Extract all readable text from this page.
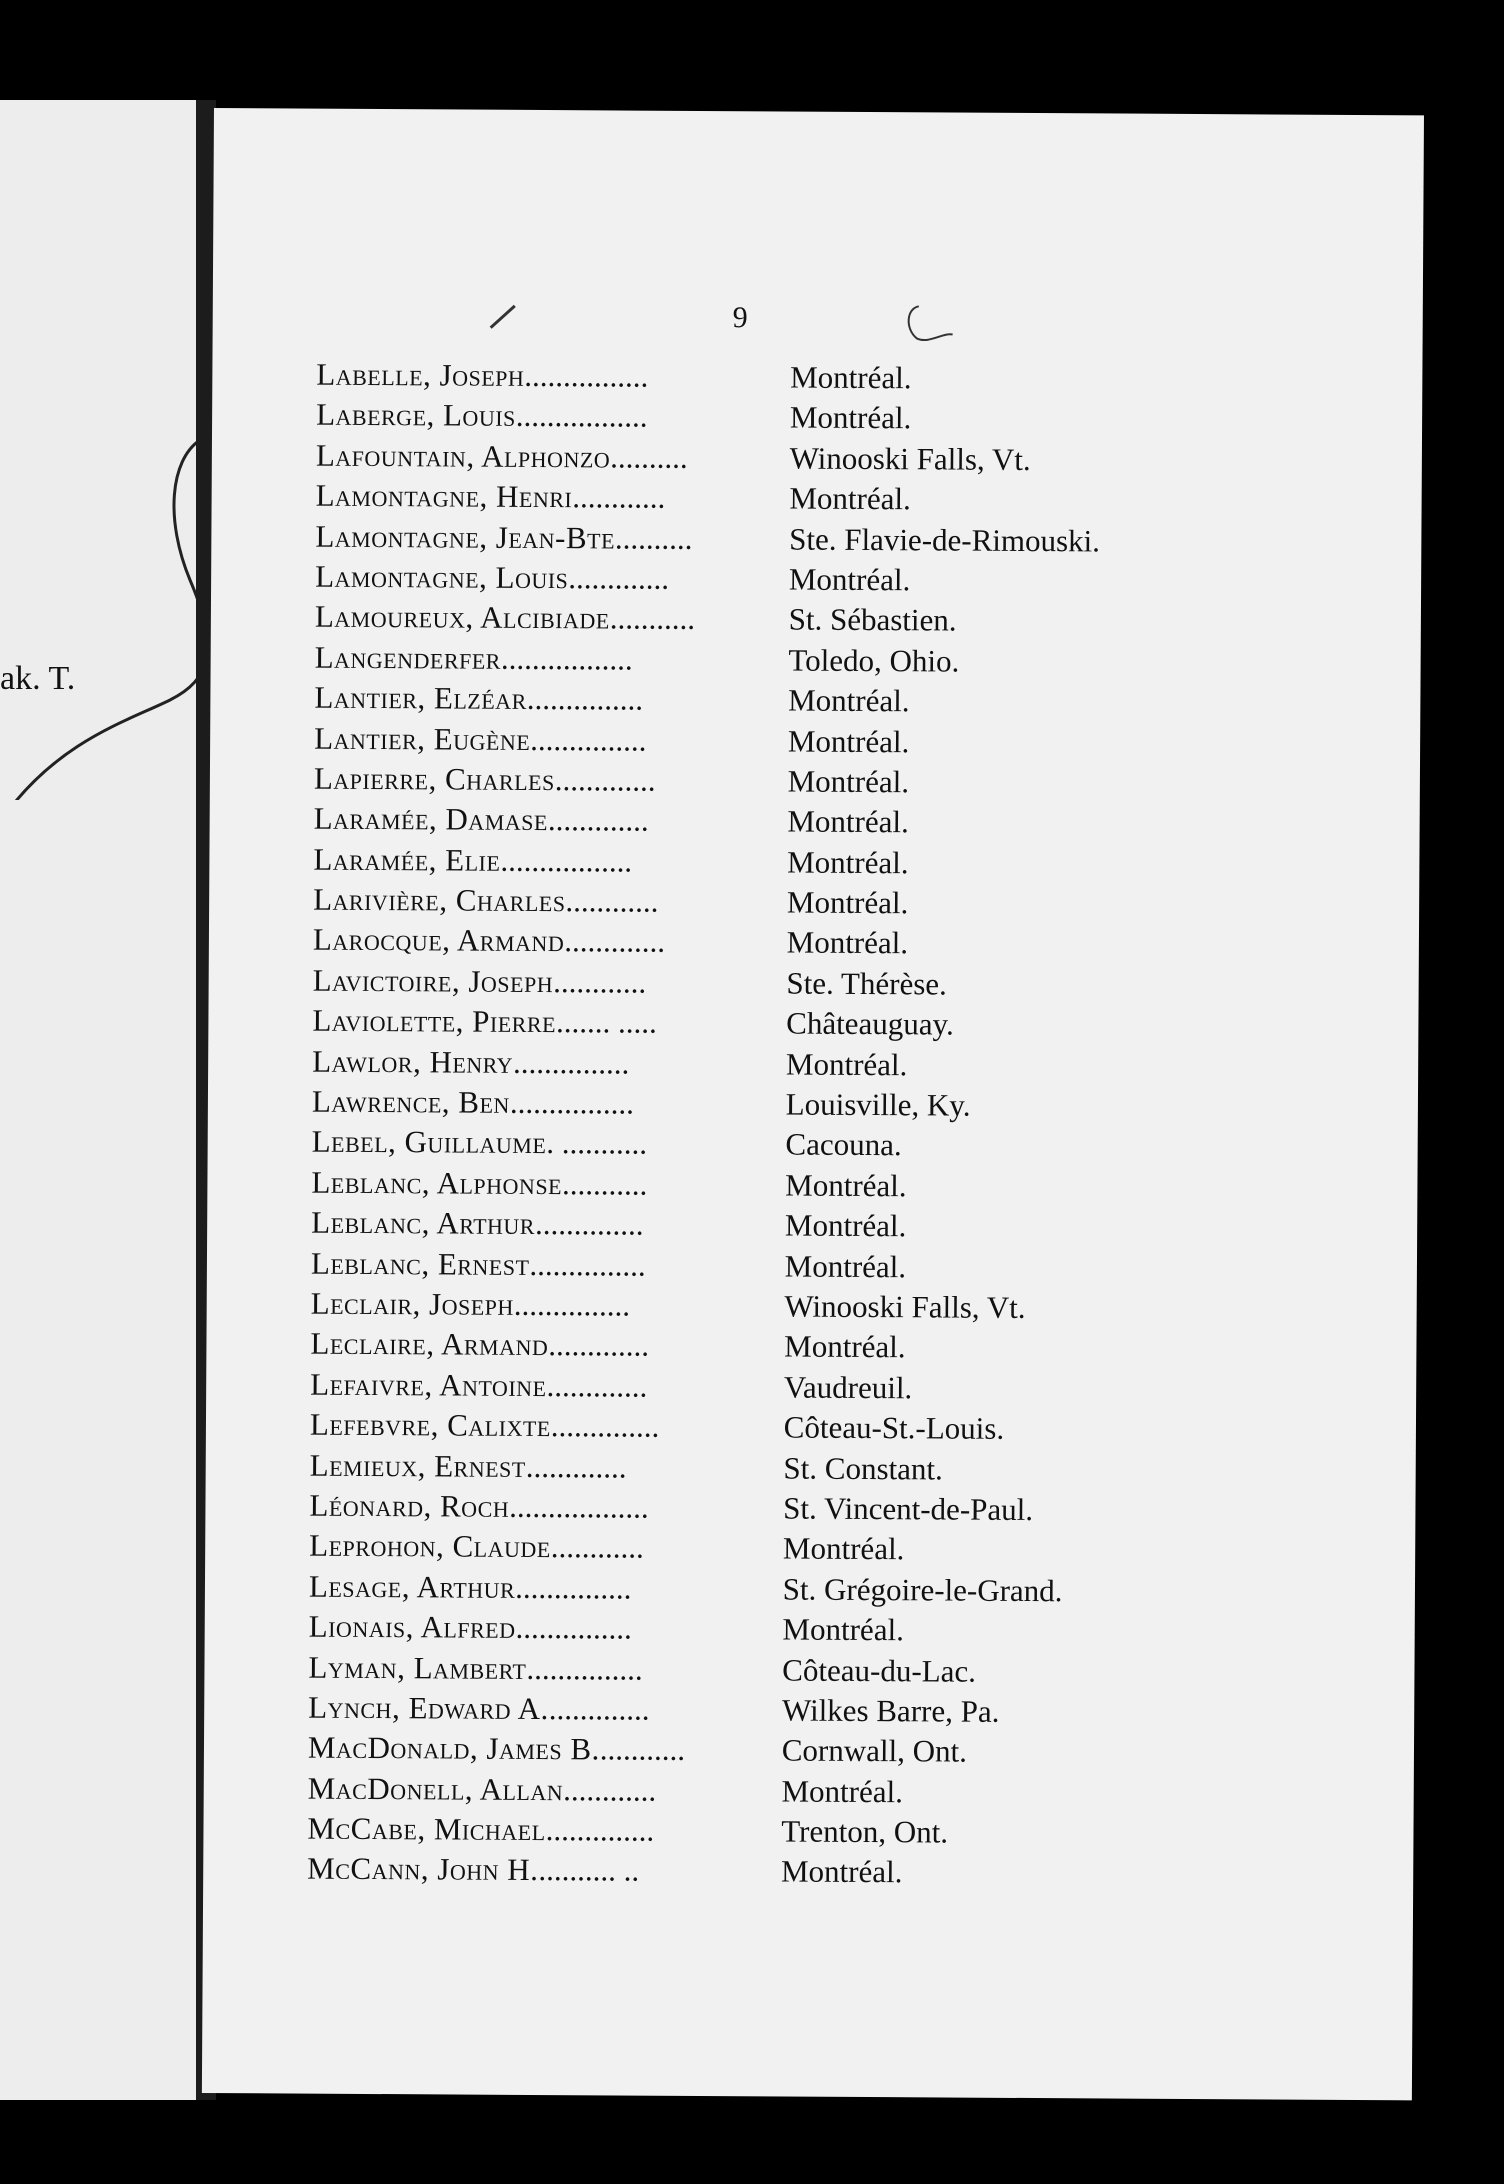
ak. T.
9
Labelle, Joseph ................	Montréal.
Laberge, Louis .................	Montréal.
Lafountain, Alphonzo ..........	Winooski Falls, Vt.
Lamontagne, Henri ............	Montréal.
Lamontagne, Jean-Bte ..........	Ste. Flavie-de-Rimouski.
Lamontagne, Louis .............	Montréal.
Lamoureux, Alcibiade ...........	St. Sébastien.
Langenderfer .................	Toledo, Ohio.
Lantier, Elzéar ...............	Montréal.
Lantier, Eugène ...............	Montréal.
Lapierre, Charles .............	Montréal.
Laramée, Damase .............	Montréal.
Laramée, Elie .................	Montréal.
Larivière, Charles ............	Montréal.
Larocque, Armand .............	Montréal.
Lavictoire, Joseph ............	Ste. Thérèse.
Laviolette, Pierre ....... .....	Châteauguay.
Lawlor, Henry ...............	Montréal.
Lawrence, Ben ................	Louisville, Ky.
Lebel, Guillaume . ...........	Cacouna.
Leblanc, Alphonse ...........	Montréal.
Leblanc, Arthur ..............	Montréal.
Leblanc, Ernest ...............	Montréal.
Leclair, Joseph ...............	Winooski Falls, Vt.
Leclaire, Armand .............	Montréal.
Lefaivre, Antoine .............	Vaudreuil.
Lefebvre, Calixte ..............	Côteau-St.-Louis.
Lemieux, Ernest .............	St. Constant.
Léonard, Roch ..................	St. Vincent-de-Paul.
Leprohon, Claude ............	Montréal.
Lesage, Arthur ...............	St. Grégoire-le-Grand.
Lionais, Alfred ...............	Montréal.
Lyman, Lambert ...............	Côteau-du-Lac.
Lynch, Edward A. .............	Wilkes Barre, Pa.
MacDonald, James B. ...........	Cornwall, Ont.
MacDonell, Allan ............	Montréal.
McCabe, Michael ..............	Trenton, Ont.
McCann, John H. .......... ..	Montréal.
